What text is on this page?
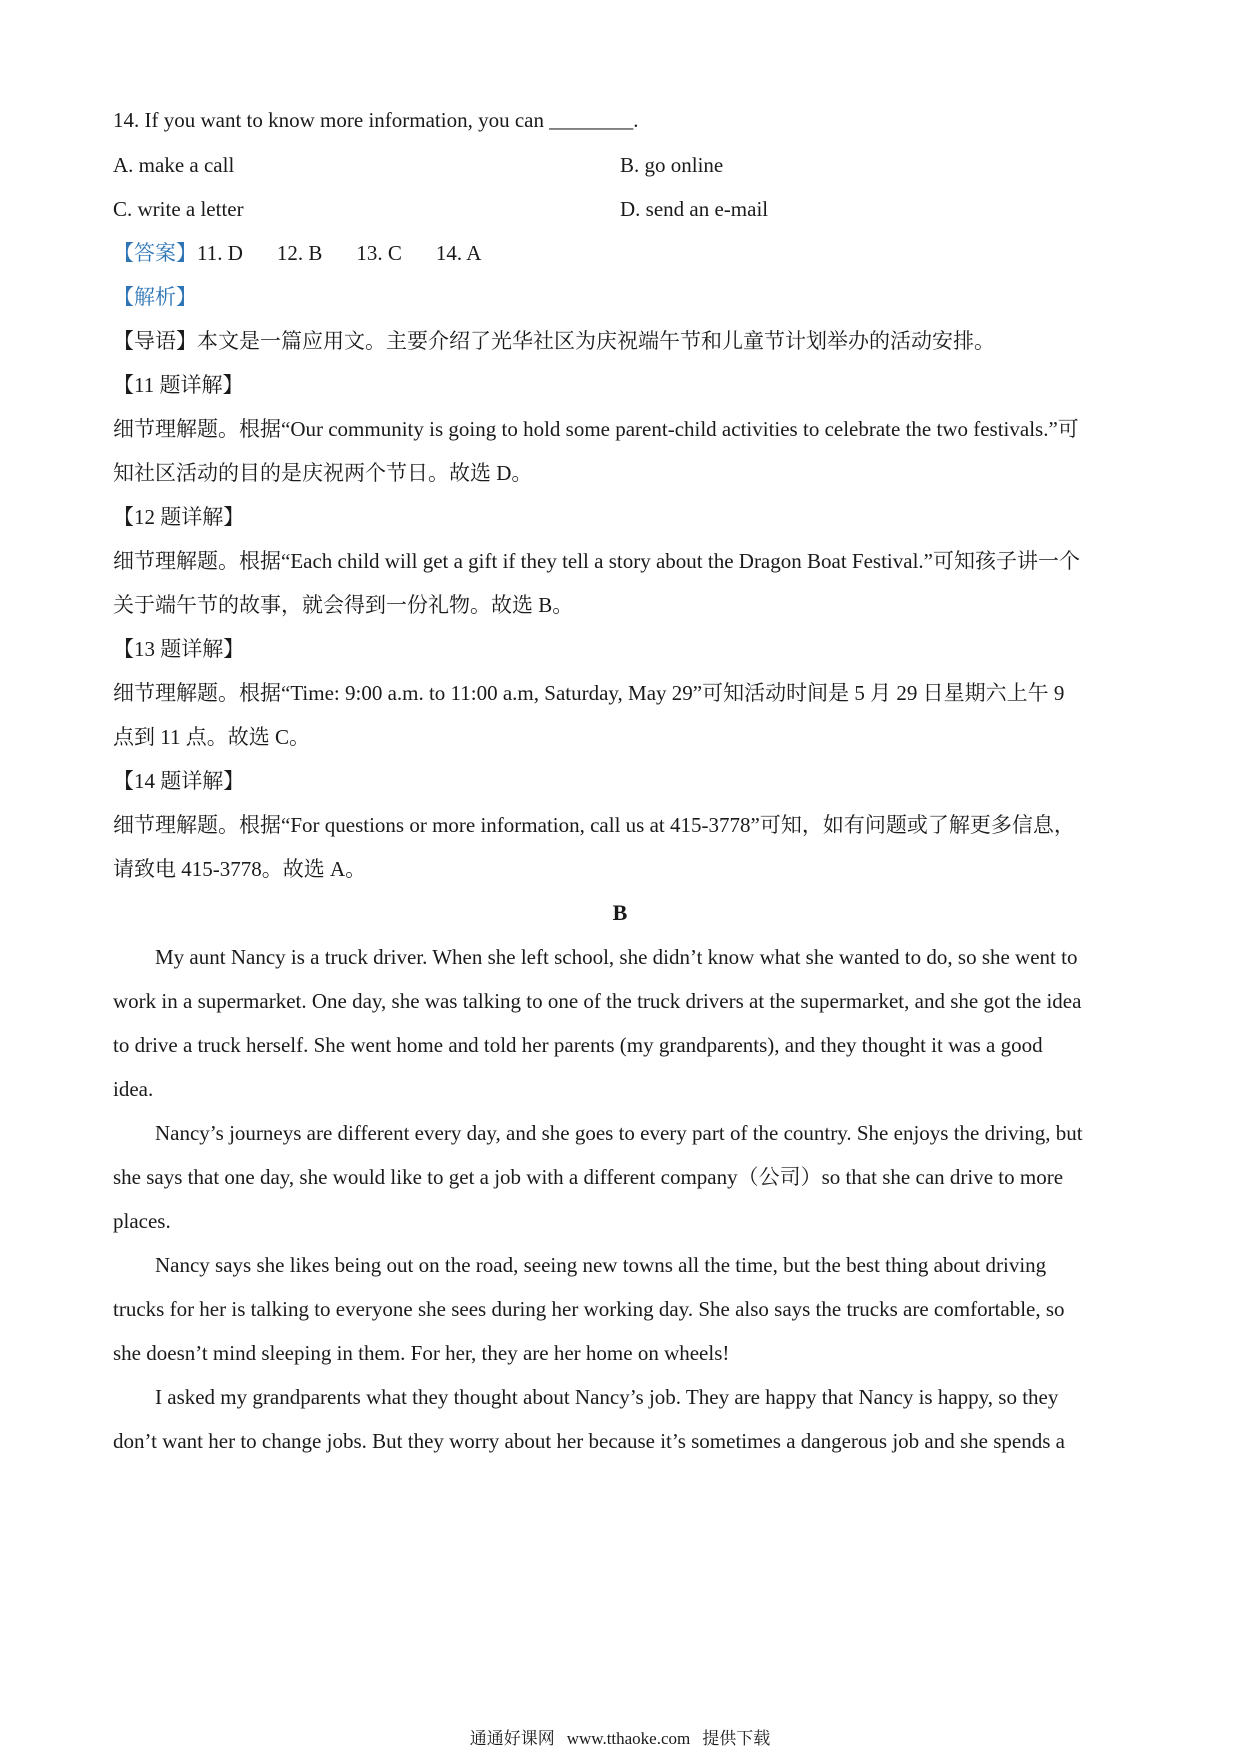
14. If you want to know more information, you can ________.
A. make a call	B. go online
C. write a letter	D. send an e-mail
【答案】11. D 12. B 13. C 14. A
【解析】
【导语】本文是一篇应用文。主要介绍了光华社区为庆祝端午节和儿童节计划举办的活动安排。
【11 题详解】
细节理解题。根据“Our community is going to hold some parent-child activities to celebrate the two festivals.”可
知社区活动的目的是庆祝两个节日。故选 D。
【12 题详解】
细节理解题。根据“Each child will get a gift if they tell a story about the Dragon Boat Festival.”可知孩子讲一个
关于端午节的故事，就会得到一份礼物。故选 B。
【13 题详解】
细节理解题。根据“Time: 9:00 a.m. to 11:00 a.m, Saturday, May 29”可知活动时间是 5 月 29 日星期六上午 9
点到 11 点。故选 C。
【14 题详解】
细节理解题。根据“For questions or more information, call us at 415-3778”可知，如有问题或了解更多信息，
请致电 415-3778。故选 A。
B
My aunt Nancy is a truck driver. When she left school, she didn’t know what she wanted to do, so she went to
work in a supermarket. One day, she was talking to one of the truck drivers at the supermarket, and she got the idea
to drive a truck herself. She went home and told her parents (my grandparents), and they thought it was a good
idea.
Nancy’s journeys are different every day, and she goes to every part of the country. She enjoys the driving, but
she says that one day, she would like to get a job with a different company（公司）so that she can drive to more
places.
Nancy says she likes being out on the road, seeing new towns all the time, but the best thing about driving
trucks for her is talking to everyone she sees during her working day. She also says the trucks are comfortable, so
she doesn’t mind sleeping in them. For her, they are her home on wheels!
I asked my grandparents what they thought about Nancy’s job. They are happy that Nancy is happy, so they
don’t want her to change jobs. But they worry about her because it’s sometimes a dangerous job and she spends a
通通好课网 www.tthaoke.com 提供下载
